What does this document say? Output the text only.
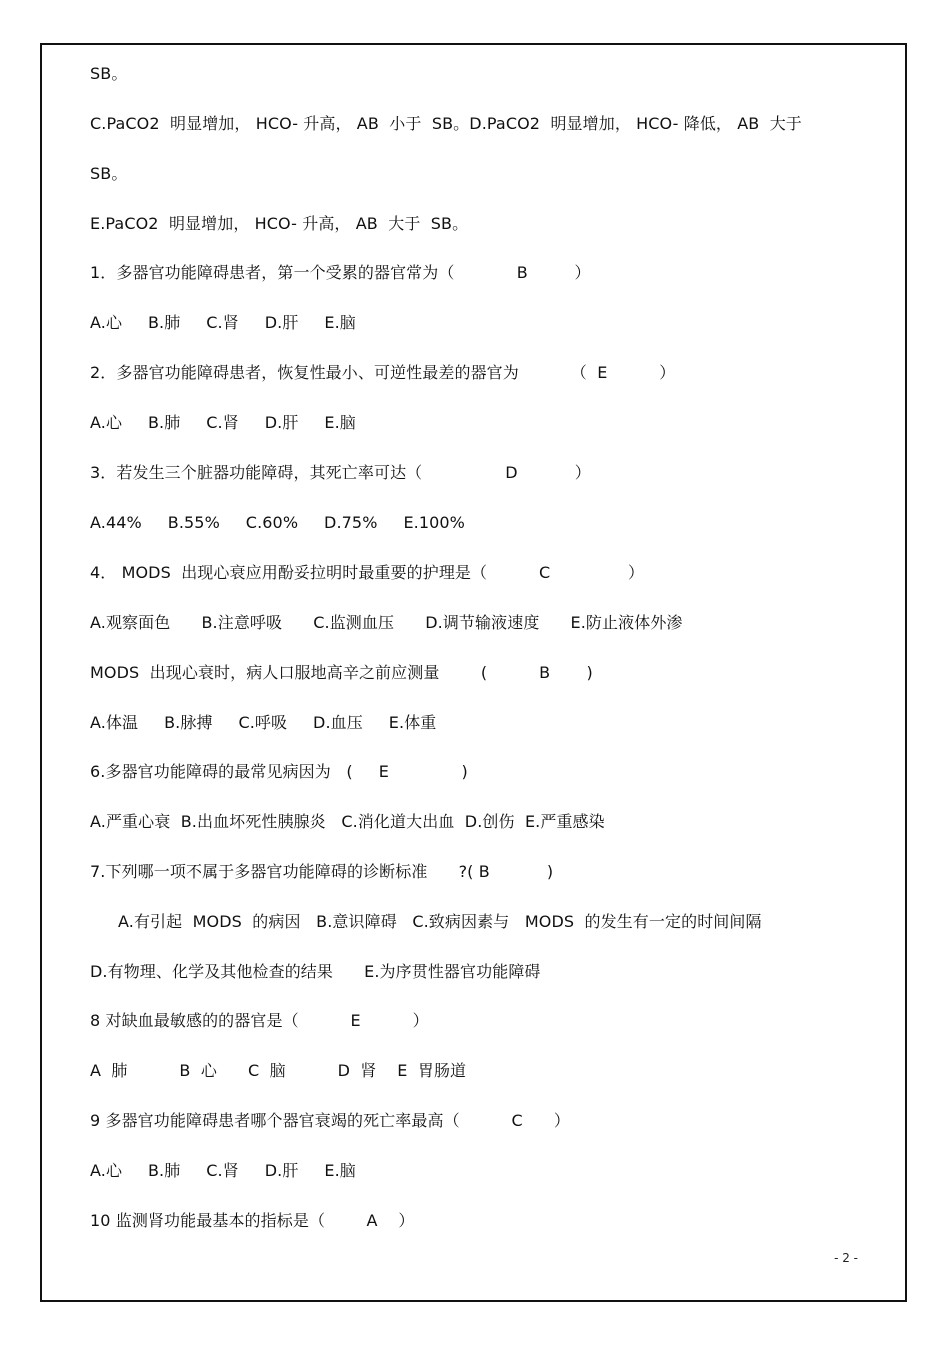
SB。
C.PaCO2  明显增加， HCO- 升高， AB  小于  SB。D.PaCO2  明显增加， HCO- 降低， AB  大于
SB。
E.PaCO2  明显增加， HCO- 升高， AB  大于  SB。
1．多器官功能障碍患者，第一个受累的器官常为（            B         ）
A.心     B.肺     C.肾     D.肝     E.脑
2．多器官功能障碍患者，恢复性最小、可逆性最差的器官为          （  E          ）
A.心     B.肺     C.肾     D.肝     E.脑
3．若发生三个脏器功能障碍，其死亡率可达（                D           ）
A.44%     B.55%     C.60%     D.75%     E.100%
4． MODS  出现心衰应用酚妥拉明时最重要的护理是（          C               ）
A.观察面色      B.注意呼吸      C.监测血压      D.调节输液速度      E.防止液体外渗
MODS  出现心衰时，病人口服地高辛之前应测量        (          B       )
A.体温     B.脉搏     C.呼吸     D.血压     E.体重
6.多器官功能障碍的最常见病因为   (     E              )
A.严重心衰  B.出血坏死性胰腺炎   C.消化道大出血  D.创伤  E.严重感染
7.下列哪一项不属于多器官功能障碍的诊断标准      ?( B           )
A.有引起  MODS  的病因   B.意识障碍   C.致病因素与   MODS  的发生有一定的时间间隔
D.有物理、化学及其他检查的结果      E.为序贯性器官功能障碍
8 对缺血最敏感的的器官是（          E          ）
A  肺          B  心      C  脑          D  肾    E  胃肠道
9 多器官功能障碍患者哪个器官衰竭的死亡率最高（          C      ）
A.心     B.肺     C.肾     D.肝     E.脑
10 监测肾功能最基本的指标是（        A    ）
- 2 -
